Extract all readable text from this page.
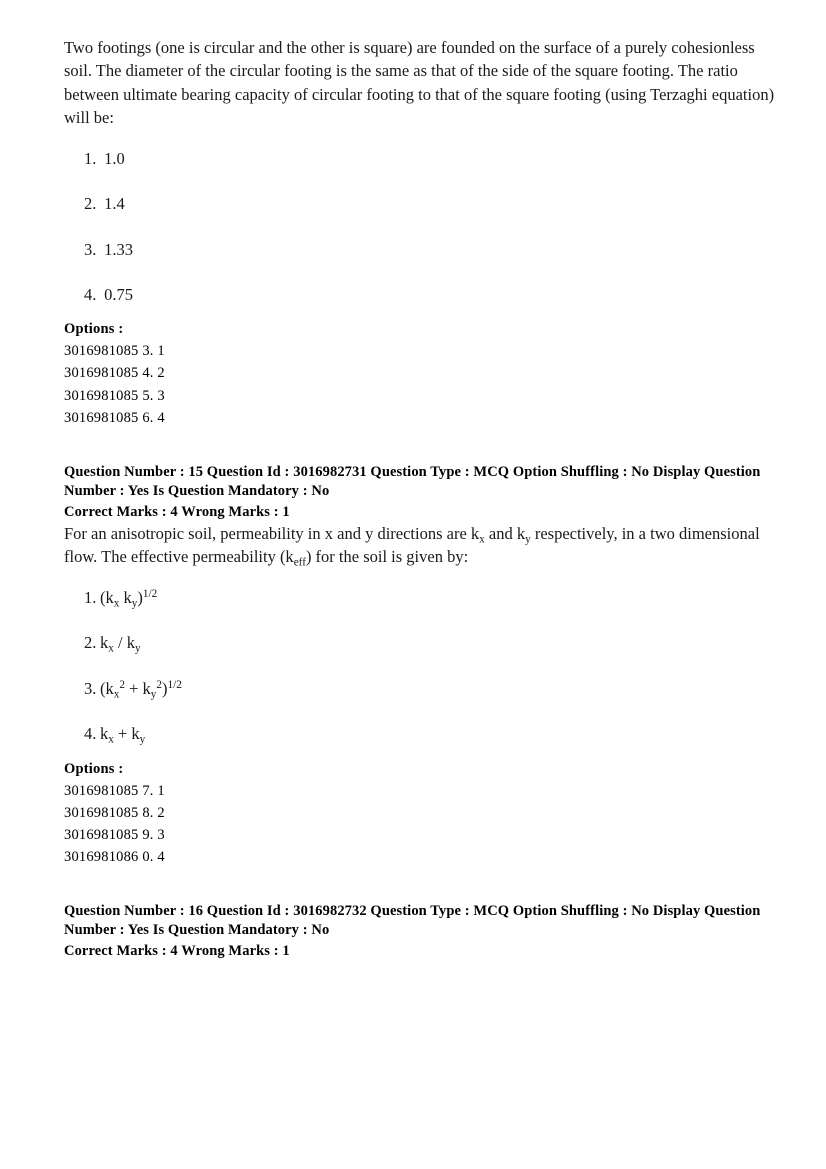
Two footings (one is circular and the other is square) are founded on the surface of a purely cohesionless soil. The diameter of the circular footing is the same as that of the side of the square footing. The ratio between ultimate bearing capacity of circular footing to that of the square footing (using Terzaghi equation) will be:

1. 1.0
2. 1.4
3. 1.33
4. 0.75

Options :

3016981085 3. 1

3016981085 4. 2

3016981085 5. 3

3016981085 6. 4

Question Number : 15 Question Id : 3016982731 Question Type : MCQ Option Shuffling : No Display Question

Number : Yes Is Question Mandatory : No

Correct Marks : 4 Wrong Marks : 1

For an anisotropic soil, permeability in x and y directions are $k_x$ and $k_y$ respectively, in a two dimensional flow. The effective permeability $(k_{eff})$ for the soil is given by:

1. ($k_x$ $k_y)^{1/2}$
2. $k_x / k_y$
3. $(k_x^2 + k_y^2)^{1/2}$
4. $k_x + k_y$

Options :

3016981085 7. 1

3016981085 8. 2

3016981085 9. 3

3016981086 0. 4

Question Number : 16 Question Id : 3016982732 Question Type : MCQ Option Shuffling : No Display Question

Number : Yes Is Question Mandatory : No

Correct Marks : 4 Wrong Marks : 1
